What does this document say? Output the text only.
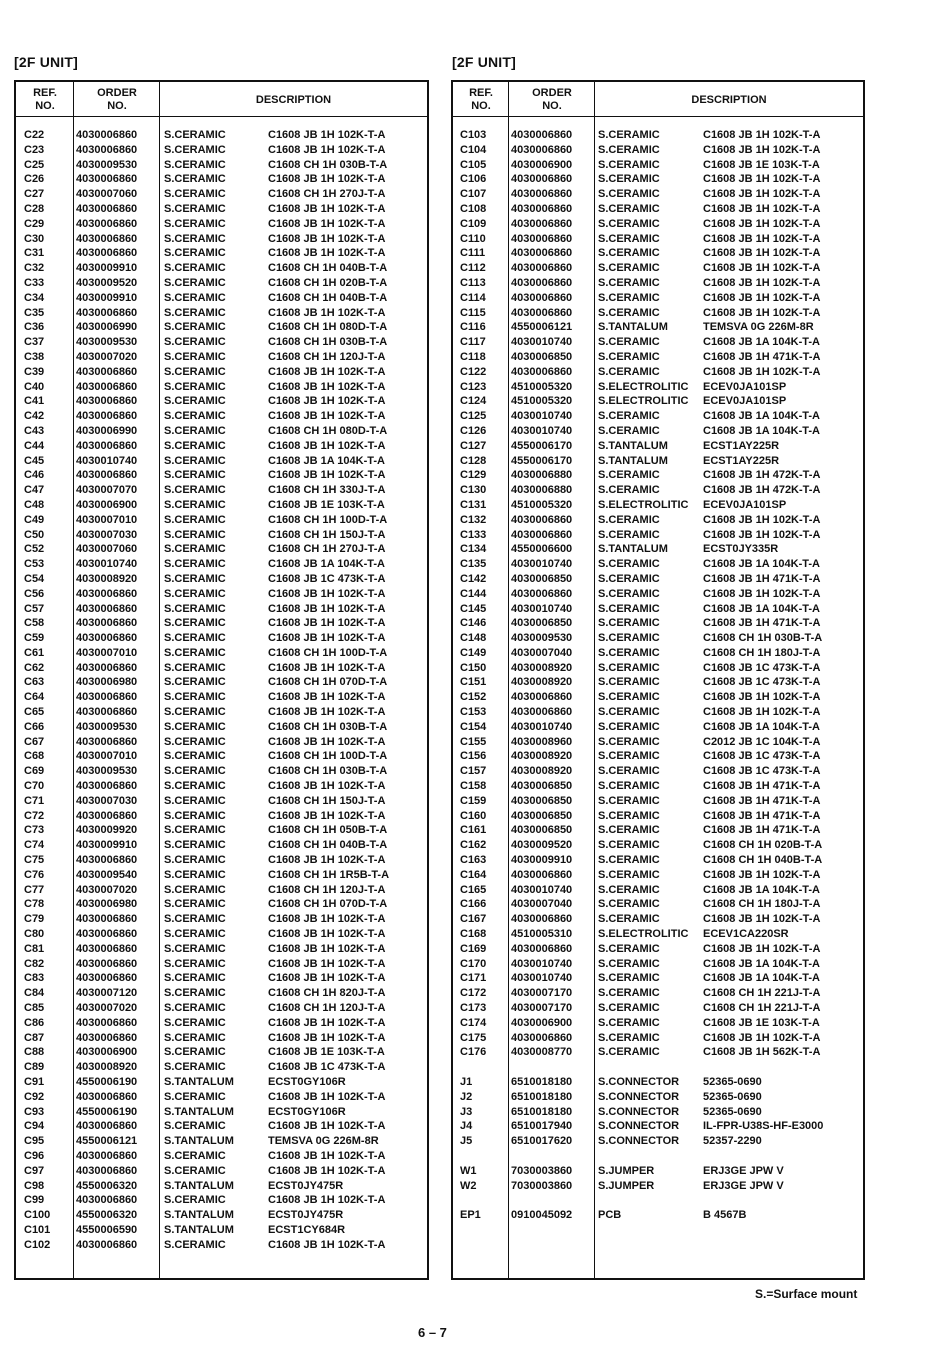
[2F UNIT]	[2F UNIT]
REF.
NO.
ORDER
NO.
DESCRIPTION
C22	4030006860 S.CERAMIC	C1608 JB 1H 102K-T-A
C23	4030006860 S.CERAMIC	C1608 JB 1H 102K-T-A
C25	4030009530 S.CERAMIC	C1608 CH 1H 030B-T-A
C26	4030006860 S.CERAMIC	C1608 JB 1H 102K-T-A
C27	4030007060 S.CERAMIC	C1608 CH 1H 270J-T-A
C28	4030006860 S.CERAMIC	C1608 JB 1H 102K-T-A
C29	4030006860 S.CERAMIC	C1608 JB 1H 102K-T-A
C30	4030006860 S.CERAMIC	C1608 JB 1H 102K-T-A
C31	4030006860 S.CERAMIC	C1608 JB 1H 102K-T-A
C32	4030009910 S.CERAMIC	C1608 CH 1H 040B-T-A
C33	4030009520 S.CERAMIC	C1608 CH 1H 020B-T-A
C34	4030009910 S.CERAMIC	C1608 CH 1H 040B-T-A
C35	4030006860 S.CERAMIC	C1608 JB 1H 102K-T-A
C36	4030006990 S.CERAMIC	C1608 CH 1H 080D-T-A
C37	4030009530 S.CERAMIC	C1608 CH 1H 030B-T-A
C38	4030007020 S.CERAMIC	C1608 CH 1H 120J-T-A
C39	4030006860 S.CERAMIC	C1608 JB 1H 102K-T-A
C40	4030006860 S.CERAMIC	C1608 JB 1H 102K-T-A
C41	4030006860 S.CERAMIC	C1608 JB 1H 102K-T-A
C42	4030006860 S.CERAMIC	C1608 JB 1H 102K-T-A
C43	4030006990 S.CERAMIC	C1608 CH 1H 080D-T-A
C44	4030006860 S.CERAMIC	C1608 JB 1H 102K-T-A
C45	4030010740 S.CERAMIC	C1608 JB 1A 104K-T-A
C46	4030006860 S.CERAMIC	C1608 JB 1H 102K-T-A
C47	4030007070 S.CERAMIC	C1608 CH 1H 330J-T-A
C48	4030006900 S.CERAMIC	C1608 JB 1E 103K-T-A
C49	4030007010 S.CERAMIC	C1608 CH 1H 100D-T-A
C50	4030007030 S.CERAMIC	C1608 CH 1H 150J-T-A
C52	4030007060 S.CERAMIC	C1608 CH 1H 270J-T-A
C53	4030010740 S.CERAMIC	C1608 JB 1A 104K-T-A
C54	4030008920 S.CERAMIC	C1608 JB 1C 473K-T-A
C56	4030006860 S.CERAMIC	C1608 JB 1H 102K-T-A
C57	4030006860 S.CERAMIC	C1608 JB 1H 102K-T-A
C58	4030006860 S.CERAMIC	C1608 JB 1H 102K-T-A
C59	4030006860 S.CERAMIC	C1608 JB 1H 102K-T-A
C61	4030007010 S.CERAMIC	C1608 CH 1H 100D-T-A
C62	4030006860 S.CERAMIC	C1608 JB 1H 102K-T-A
C63	4030006980 S.CERAMIC	C1608 CH 1H 070D-T-A
C64	4030006860 S.CERAMIC	C1608 JB 1H 102K-T-A
C65	4030006860 S.CERAMIC	C1608 JB 1H 102K-T-A
C66	4030009530 S.CERAMIC	C1608 CH 1H 030B-T-A
C67	4030006860 S.CERAMIC	C1608 JB 1H 102K-T-A
C68	4030007010 S.CERAMIC	C1608 CH 1H 100D-T-A
C69	4030009530 S.CERAMIC	C1608 CH 1H 030B-T-A
C70	4030006860 S.CERAMIC	C1608 JB 1H 102K-T-A
C71	4030007030 S.CERAMIC	C1608 CH 1H 150J-T-A
C72	4030006860 S.CERAMIC	C1608 JB 1H 102K-T-A
C73	4030009920 S.CERAMIC	C1608 CH 1H 050B-T-A
C74	4030009910 S.CERAMIC	C1608 CH 1H 040B-T-A
C75	4030006860 S.CERAMIC	C1608 JB 1H 102K-T-A
C76	4030009540 S.CERAMIC	C1608 CH 1H 1R5B-T-A
C77	4030007020 S.CERAMIC	C1608 CH 1H 120J-T-A
C78	4030006980 S.CERAMIC	C1608 CH 1H 070D-T-A
C79	4030006860 S.CERAMIC	C1608 JB 1H 102K-T-A
C80	4030006860 S.CERAMIC	C1608 JB 1H 102K-T-A
C81	4030006860 S.CERAMIC	C1608 JB 1H 102K-T-A
C82	4030006860 S.CERAMIC	C1608 JB 1H 102K-T-A
C83	4030006860 S.CERAMIC	C1608 JB 1H 102K-T-A
C84	4030007120 S.CERAMIC	C1608 CH 1H 820J-T-A
C85	4030007020 S.CERAMIC	C1608 CH 1H 120J-T-A
C86	4030006860 S.CERAMIC	C1608 JB 1H 102K-T-A
C87	4030006860 S.CERAMIC	C1608 JB 1H 102K-T-A
C88	4030006900 S.CERAMIC	C1608 JB 1E 103K-T-A
C89	4030008920 S.CERAMIC	C1608 JB 1C 473K-T-A
C91	4550006190 S.TANTALUM	ECST0GY106R
C92	4030006860 S.CERAMIC	C1608 JB 1H 102K-T-A
C93	4550006190 S.TANTALUM	ECST0GY106R
C94	4030006860 S.CERAMIC	C1608 JB 1H 102K-T-A
C95	4550006121 S.TANTALUM	TEMSVA 0G 226M-8R
C96	4030006860 S.CERAMIC	C1608 JB 1H 102K-T-A
C97	4030006860 S.CERAMIC	C1608 JB 1H 102K-T-A
C98	4550006320 S.TANTALUM	ECST0JY475R
C99	4030006860 S.CERAMIC	C1608 JB 1H 102K-T-A
C100 4550006320 S.TANTALUM	ECST0JY475R
C101 4550006590 S.TANTALUM	ECST1CY684R
C102 4030006860 S.CERAMIC	C1608 JB 1H 102K-T-A
REF.
NO.
ORDER
NO.
DESCRIPTION
C103 4030006860 S.CERAMIC	C1608 JB 1H 102K-T-A
C104 4030006860 S.CERAMIC	C1608 JB 1H 102K-T-A
C105 4030006900 S.CERAMIC	C1608 JB 1E 103K-T-A
C106 4030006860 S.CERAMIC	C1608 JB 1H 102K-T-A
C107 4030006860 S.CERAMIC	C1608 JB 1H 102K-T-A
C108 4030006860 S.CERAMIC	C1608 JB 1H 102K-T-A
C109 4030006860 S.CERAMIC	C1608 JB 1H 102K-T-A
C110 4030006860 S.CERAMIC	C1608 JB 1H 102K-T-A
C111 4030006860 S.CERAMIC	C1608 JB 1H 102K-T-A
C112 4030006860 S.CERAMIC	C1608 JB 1H 102K-T-A
C113 4030006860 S.CERAMIC	C1608 JB 1H 102K-T-A
C114 4030006860 S.CERAMIC	C1608 JB 1H 102K-T-A
C115 4030006860 S.CERAMIC	C1608 JB 1H 102K-T-A
C116 4550006121 S.TANTALUM	TEMSVA 0G 226M-8R
C117 4030010740 S.CERAMIC	C1608 JB 1A 104K-T-A
C118 4030006850 S.CERAMIC	C1608 JB 1H 471K-T-A
C122 4030006860 S.CERAMIC	C1608 JB 1H 102K-T-A
C123 4510005320 S.ELECTROLITIC ECEV0JA101SP
C124 4510005320 S.ELECTROLITIC ECEV0JA101SP
C125 4030010740 S.CERAMIC	C1608 JB 1A 104K-T-A
C126 4030010740 S.CERAMIC	C1608 JB 1A 104K-T-A
C127 4550006170 S.TANTALUM	ECST1AY225R
C128 4550006170 S.TANTALUM	ECST1AY225R
C129 4030006880 S.CERAMIC	C1608 JB 1H 472K-T-A
C130 4030006880 S.CERAMIC	C1608 JB 1H 472K-T-A
C131 4510005320 S.ELECTROLITIC ECEV0JA101SP
C132 4030006860 S.CERAMIC	C1608 JB 1H 102K-T-A
C133 4030006860 S.CERAMIC	C1608 JB 1H 102K-T-A
C134 4550006600 S.TANTALUM	ECST0JY335R
C135 4030010740 S.CERAMIC	C1608 JB 1A 104K-T-A
C142 4030006850 S.CERAMIC	C1608 JB 1H 471K-T-A
C144 4030006860 S.CERAMIC	C1608 JB 1H 102K-T-A
C145 4030010740 S.CERAMIC	C1608 JB 1A 104K-T-A
C146 4030006850 S.CERAMIC	C1608 JB 1H 471K-T-A
C148 4030009530 S.CERAMIC	C1608 CH 1H 030B-T-A
C149 4030007040 S.CERAMIC	C1608 CH 1H 180J-T-A
C150 4030008920 S.CERAMIC	C1608 JB 1C 473K-T-A
C151 4030008920 S.CERAMIC	C1608 JB 1C 473K-T-A
C152 4030006860 S.CERAMIC	C1608 JB 1H 102K-T-A
C153 4030006860 S.CERAMIC	C1608 JB 1H 102K-T-A
C154 4030010740 S.CERAMIC	C1608 JB 1A 104K-T-A
C155 4030008960 S.CERAMIC	C2012 JB 1C 104K-T-A
C156 4030008920 S.CERAMIC	C1608 JB 1C 473K-T-A
C157 4030008920 S.CERAMIC	C1608 JB 1C 473K-T-A
C158 4030006850 S.CERAMIC	C1608 JB 1H 471K-T-A
C159 4030006850 S.CERAMIC	C1608 JB 1H 471K-T-A
C160 4030006850 S.CERAMIC	C1608 JB 1H 471K-T-A
C161 4030006850 S.CERAMIC	C1608 JB 1H 471K-T-A
C162 4030009520 S.CERAMIC	C1608 CH 1H 020B-T-A
C163 4030009910 S.CERAMIC	C1608 CH 1H 040B-T-A
C164 4030006860 S.CERAMIC	C1608 JB 1H 102K-T-A
C165 4030010740 S.CERAMIC	C1608 JB 1A 104K-T-A
C166 4030007040 S.CERAMIC	C1608 CH 1H 180J-T-A
C167 4030006860 S.CERAMIC	C1608 JB 1H 102K-T-A
C168 4510005310 S.ELECTROLITIC ECEV1CA220SR
C169 4030006860 S.CERAMIC	C1608 JB 1H 102K-T-A
C170 4030010740 S.CERAMIC	C1608 JB 1A 104K-T-A
C171 4030010740 S.CERAMIC	C1608 JB 1A 104K-T-A
C172 4030007170 S.CERAMIC	C1608 CH 1H 221J-T-A
C173 4030007170 S.CERAMIC	C1608 CH 1H 221J-T-A
C174 4030006900 S.CERAMIC	C1608 JB 1E 103K-T-A
C175 4030006860 S.CERAMIC	C1608 JB 1H 102K-T-A
C176 4030008770 S.CERAMIC	C1608 JB 1H 562K-T-A
J1	6510018180 S.CONNECTOR 52365-0690
J2	6510018180 S.CONNECTOR 52365-0690
J3	6510018180 S.CONNECTOR 52365-0690
J4	6510017940 S.CONNECTOR IL-FPR-U38S-HF-E3000
J5	6510017620 S.CONNECTOR 52357-2290
W1	7030003860 S.JUMPER	ERJ3GE JPW V
W2	7030003860 S.JUMPER	ERJ3GE JPW V
EP1	0910045092 PCB	B 4567B
S.=Surface mount
6 – 7
